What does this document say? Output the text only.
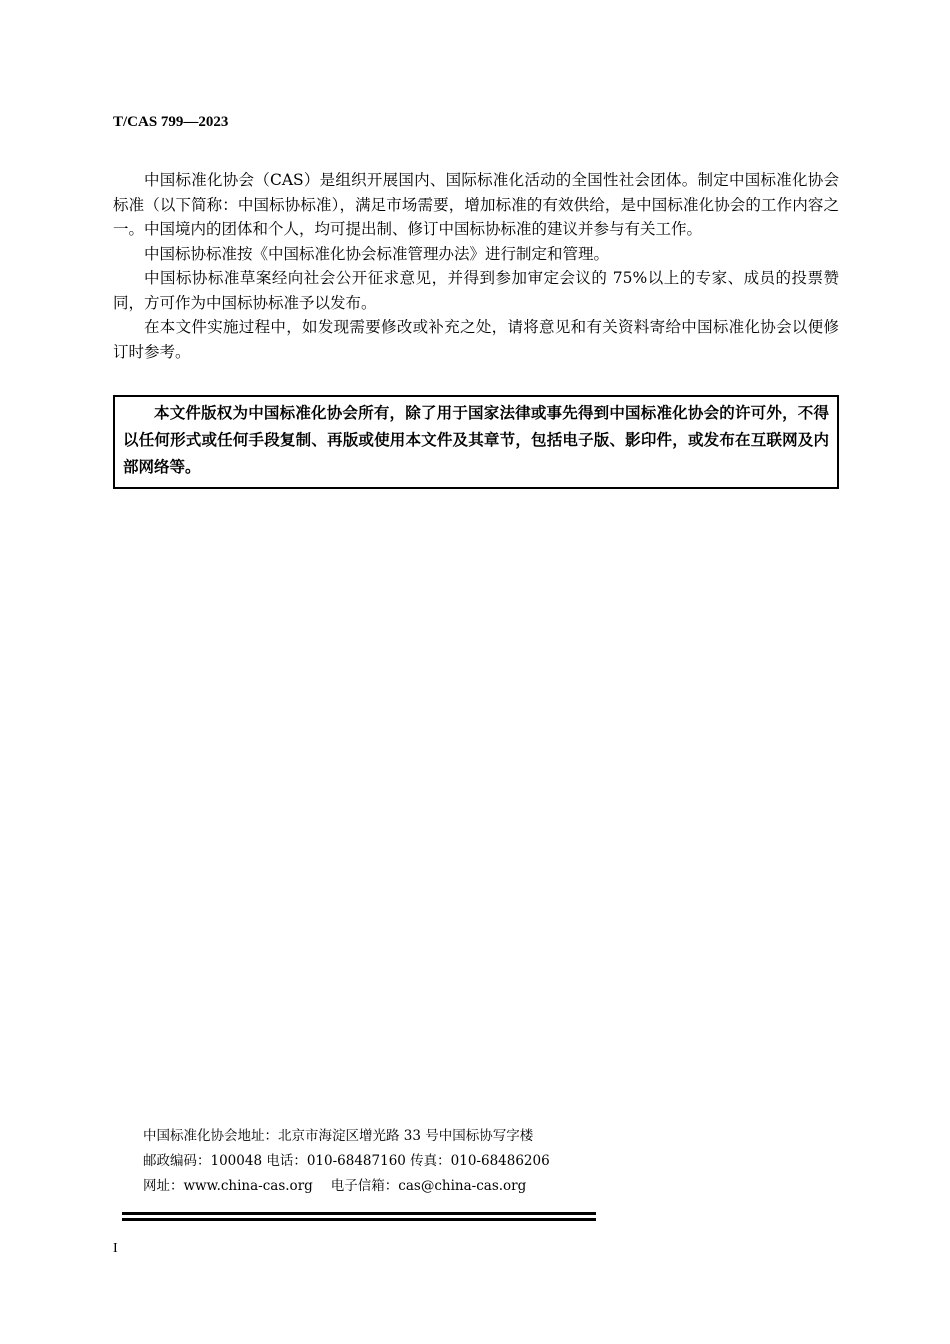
T/CAS 799—2023

中国标准化协会（CAS）是组织开展国内、国际标准化活动的全国性社会团体。制定中国标准化协会标准（以下简称：中国标协标准），满足市场需要，增加标准的有效供给，是中国标准化协会的工作内容之一。中国境内的团体和个人，均可提出制、修订中国标协标准的建议并参与有关工作。

中国标协标准按《中国标准化协会标准管理办法》进行制定和管理。

中国标协标准草案经向社会公开征求意见，并得到参加审定会议的 75%以上的专家、成员的投票赞同，方可作为中国标协标准予以发布。

在本文件实施过程中，如发现需要修改或补充之处，请将意见和有关资料寄给中国标准化协会以便修订时参考。

本文件版权为中国标准化协会所有，除了用于国家法律或事先得到中国标准化协会的许可外，不得以任何形式或任何手段复制、再版或使用本文件及其章节，包括电子版、影印件，或发布在互联网及内部网络等。

中国标准化协会地址：北京市海淀区增光路 33 号中国标协写字楼
邮政编码：100048 电话：010-68487160 传真：010-68486206
网址：www.china-cas.org 电子信箱：cas@china-cas.org
I
